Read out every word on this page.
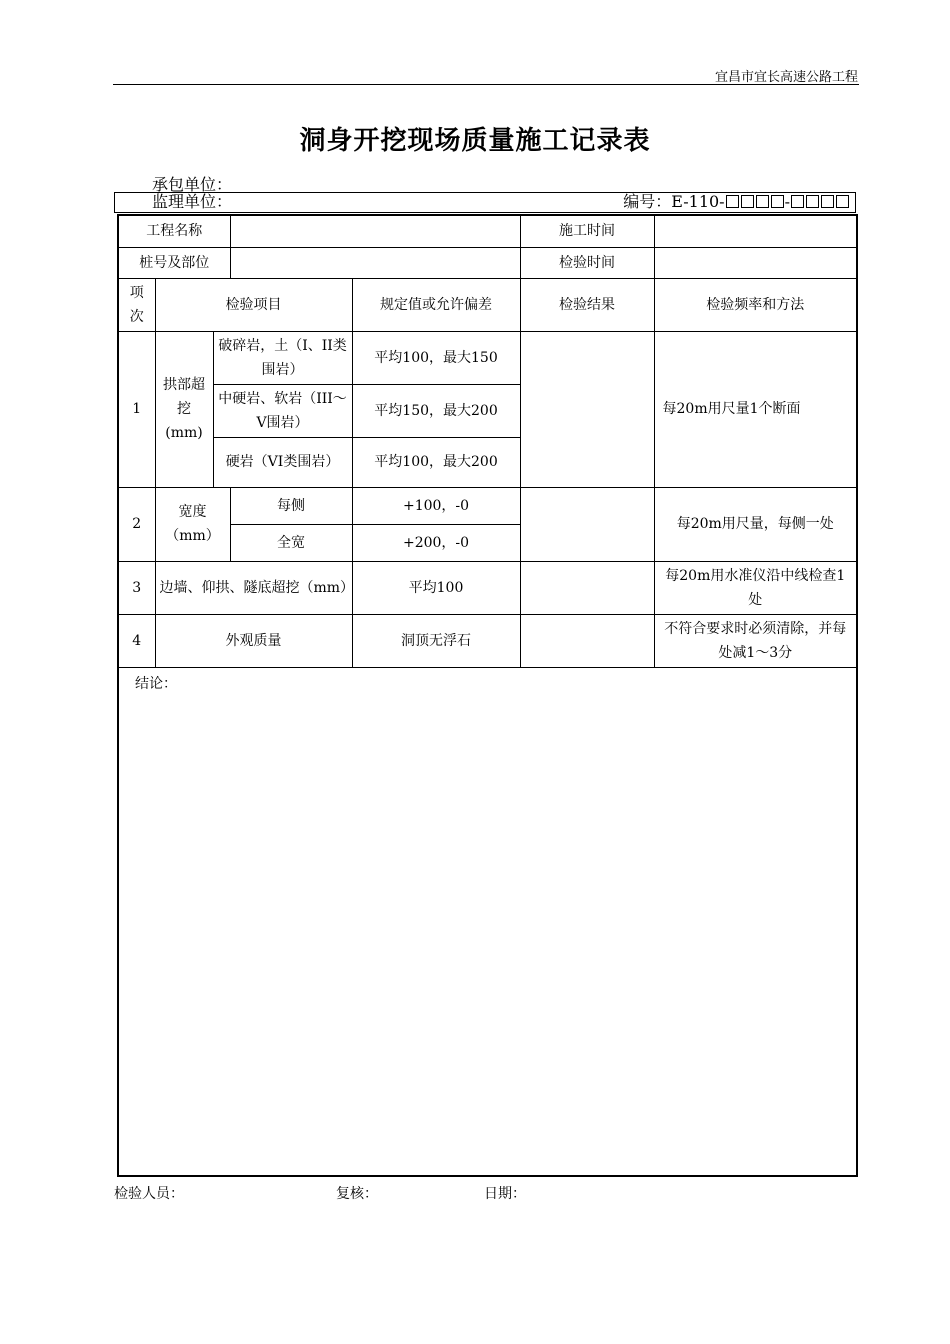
宜昌市宜长高速公路工程
洞身开挖现场质量施工记录表
承包单位：
监理单位：	编号：E-110-	-
工程名称					施工时间	
桩号及部位					检验时间	
项次	检验项目			规定值或允许偏差	检验结果	检验频率和方法
1	拱部超挖(mm)	破碎岩，土（I、II类围岩）		平均100，最大150		每20m用尺量1个断面
		中硬岩、软岩（III～V围岩）		平均150，最大200		
		硬岩（VI类围岩）		平均100，最大200		
2	宽度（mm）		每侧	+100，-0		每20m用尺量，每侧一处
			全宽	+200，-0		
3	边墙、仰拱、隧底超挖（mm）			平均100		每20m用水准仪沿中线检查1处
4	外观质量			洞顶无浮石		不符合要求时必须清除，并每处减1～3分
结论：						
检验人员：	复核：	日期：
